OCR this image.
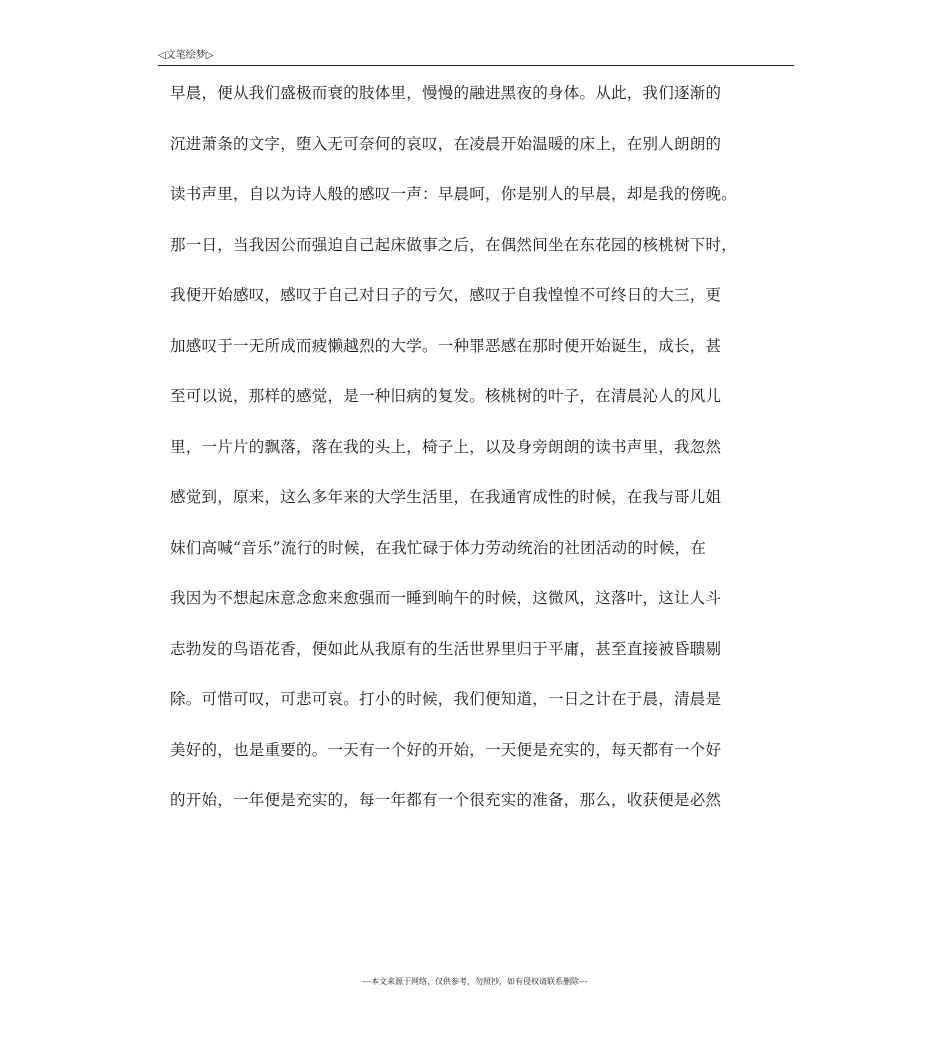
◁文笔绘梦▷
早晨，便从我们盛极而衰的肢体里，慢慢的融进黑夜的身体。从此，我们逐渐的
沉进萧条的文字，堕入无可奈何的哀叹，在凌晨开始温暖的床上，在别人朗朗的
读书声里，自以为诗人般的感叹一声：早晨呵，你是别人的早晨，却是我的傍晚。
那一日，当我因公而强迫自己起床做事之后，在偶然间坐在东花园的核桃树下时，
我便开始感叹，感叹于自己对日子的亏欠，感叹于自我惶惶不可终日的大三，更
加感叹于一无所成而疲懒越烈的大学。一种罪恶感在那时便开始诞生，成长，甚
至可以说，那样的感觉，是一种旧病的复发。核桃树的叶子，在清晨沁人的风儿
里，一片片的飘落，落在我的头上，椅子上，以及身旁朗朗的读书声里，我忽然
感觉到，原来，这么多年来的大学生活里，在我通宵成性的时候，在我与哥儿姐
妹们高喊“音乐”流行的时候，在我忙碌于体力劳动统治的社团活动的时候，在
我因为不想起床意念愈来愈强而一睡到晌午的时候，这微风，这落叶，这让人斗
志勃发的鸟语花香，便如此从我原有的生活世界里归于平庸，甚至直接被昏聩剔
除。可惜可叹，可悲可哀。打小的时候，我们便知道，一日之计在于晨，清晨是
美好的，也是重要的。一天有一个好的开始，一天便是充实的，每天都有一个好
的开始，一年便是充实的，每一年都有一个很充实的准备，那么，收获便是必然
---本文来源于网络，仅供参考，勿照抄，如有侵权请联系删除---
